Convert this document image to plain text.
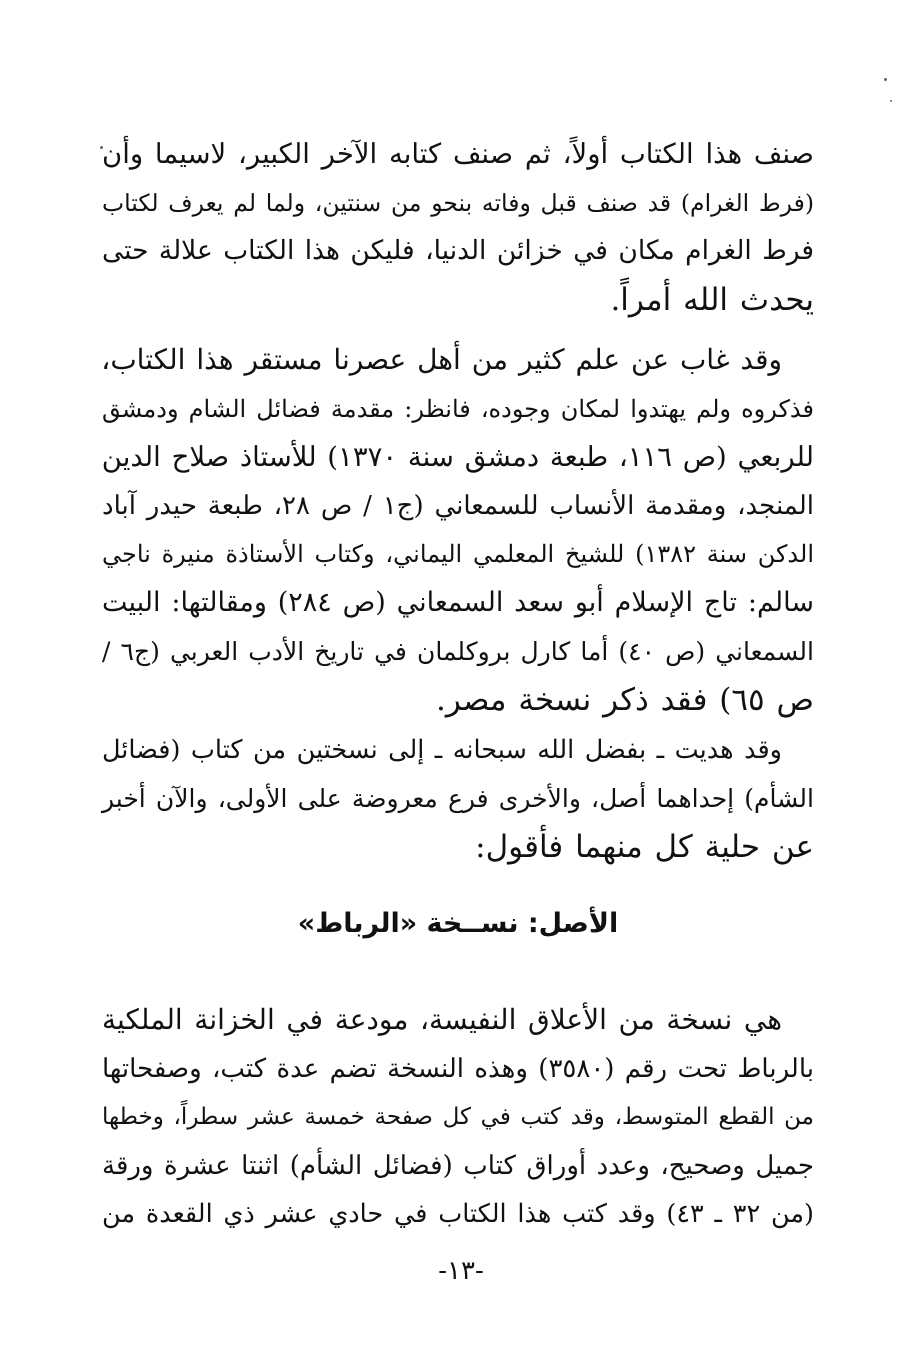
صنف هذا الكتاب أولاً، ثم صنف كتابه الآخر الكبير، لاسيما وأن
(فرط الغرام) قد صنف قبل وفاته بنحو من سنتين، ولما لم يعرف لكتاب
فرط الغرام مكان في خزائن الدنيا، فليكن هذا الكتاب علالة حتى
يحدث الله أمراً.
وقد غاب عن علم كثير من أهل عصرنا مستقر هذا الكتاب،
فذكروه ولم يهتدوا لمكان وجوده، فانظر: مقدمة فضائل الشام ودمشق
للربعي (ص ١١٦، طبعة دمشق سنة ١٣٧٠) للأستاذ صلاح الدين
المنجد، ومقدمة الأنساب للسمعاني (ج١ / ص ٢٨، طبعة حيدر آباد
الدكن سنة ١٣٨٢) للشيخ المعلمي اليماني، وكتاب الأستاذة منيرة ناجي
سالم: تاج الإسلام أبو سعد السمعاني (ص ٢٨٤) ومقالتها: البيت
السمعاني (ص ٤٠) أما كارل بروكلمان في تاريخ الأدب العربي (ج٦ /
ص ٦٥) فقد ذكر نسخة مصر.
وقد هديت ـ بفضل الله سبحانه ـ إلى نسختين من كتاب (فضائل
الشأم) إحداهما أصل، والأخرى فرع معروضة على الأولى، والآن أخبر
عن حلية كل منهما فأقول:
الأصل: نســخة «الرباط»
هي نسخة من الأعلاق النفيسة، مودعة في الخزانة الملكية
بالرباط تحت رقم (٣٥٨٠) وهذه النسخة تضم عدة كتب، وصفحاتها
من القطع المتوسط، وقد كتب في كل صفحة خمسة عشر سطراً، وخطها
جميل وصحيح، وعدد أوراق كتاب (فضائل الشأم) اثنتا عشرة ورقة
(من ٣٢ ـ ٤٣) وقد كتب هذا الكتاب في حادي عشر ذي القعدة من
-١٣-
